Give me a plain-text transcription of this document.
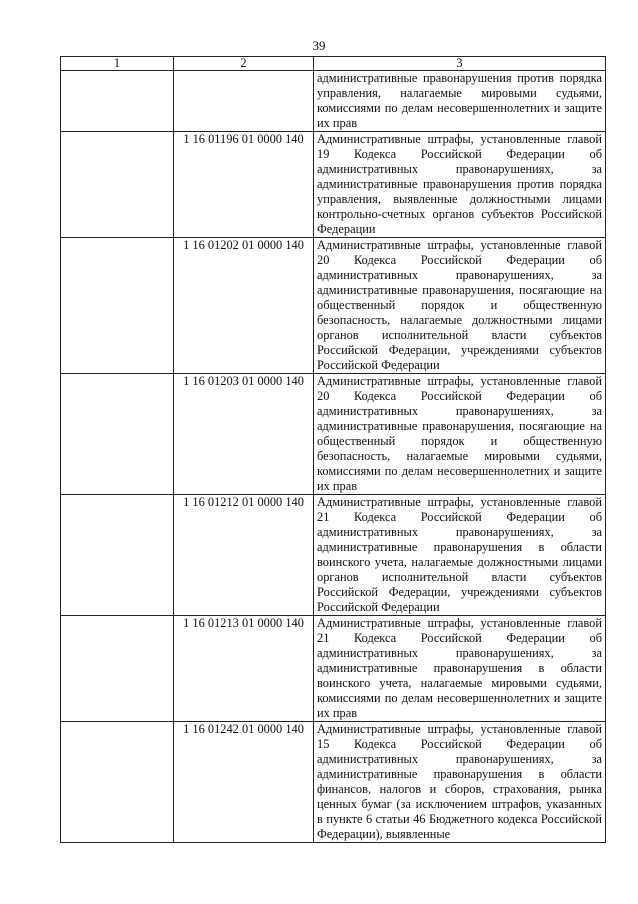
39
1	2	3
		административные правонарушения против порядка управления, налагаемые мировыми судьями, комиссиями по делам несовершеннолетних и защите их прав
	1 16 01196 01 0000 140	Административные штрафы, установленные главой 19 Кодекса Российской Федерации об административных правонарушениях, за административные правонарушения против порядка управления, выявленные должностными лицами контрольно-счетных органов субъектов Российской Федерации
	1 16 01202 01 0000 140	Административные штрафы, установленные главой 20 Кодекса Российской Федерации об административных правонарушениях, за административные правонарушения, посягающие на общественный порядок и общественную безопасность, налагаемые должностными лицами органов исполнительной власти субъектов Российской Федерации, учреждениями субъектов Российской Федерации
	1 16 01203 01 0000 140	Административные штрафы, установленные главой 20 Кодекса Российской Федерации об административных правонарушениях, за административные правонарушения, посягающие на общественный порядок и общественную безопасность, налагаемые мировыми судьями, комиссиями по делам несовершеннолетних и защите их прав
	1 16 01212 01 0000 140	Административные штрафы, установленные главой 21 Кодекса Российской Федерации об административных правонарушениях, за административные правонарушения в области воинского учета, налагаемые должностными лицами органов исполнительной власти субъектов Российской Федерации, учреждениями субъектов Российской Федерации
	1 16 01213 01 0000 140	Административные штрафы, установленные главой 21 Кодекса Российской Федерации об административных правонарушениях, за административные правонарушения в области воинского учета, налагаемые мировыми судьями, комиссиями по делам несовершеннолетних и защите их прав
	1 16 01242 01 0000 140	Административные штрафы, установленные главой 15 Кодекса Российской Федерации об административных правонарушениях, за административные правонарушения в области финансов, налогов и сборов, страхования, рынка ценных бумаг (за исключением штрафов, указанных в пункте 6 статьи 46 Бюджетного кодекса Российской Федерации), выявленные
